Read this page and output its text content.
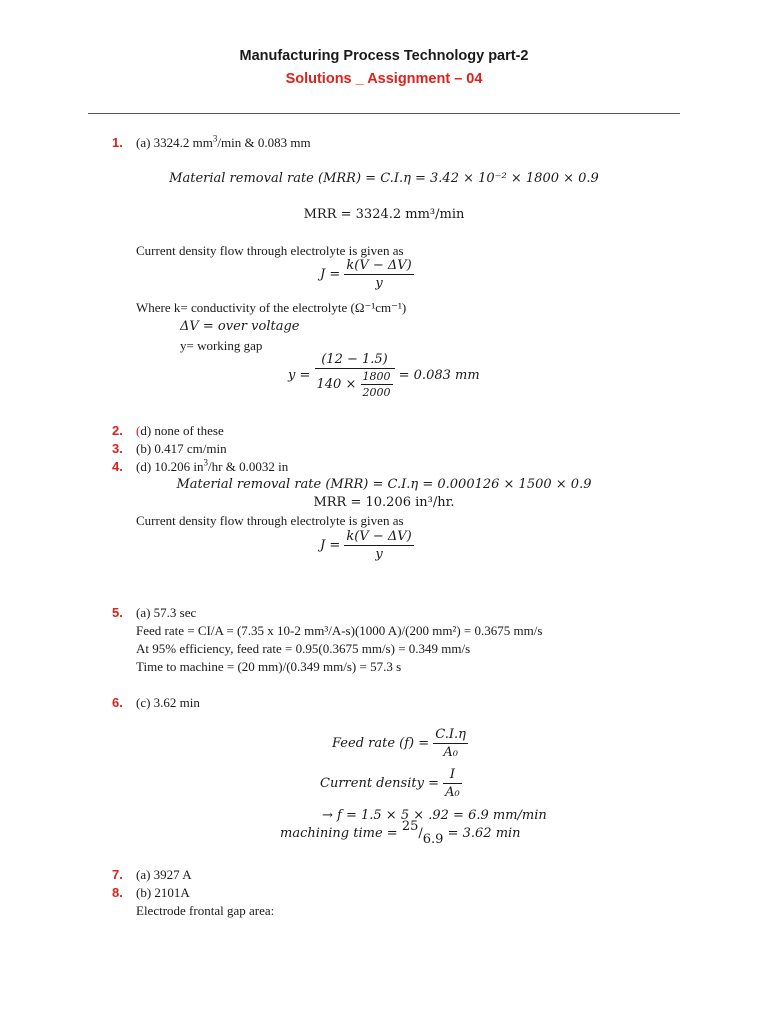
Manufacturing Process Technology part-2
Solutions _ Assignment – 04
1. (a) 3324.2 $mm^3/\min$ & 0.083 mm
Material removal rate (MRR) = C.I.η = 3.42 × 10⁻² × 1800 × 0.9
MRR = 3324.2 mm³/min
Current density flow through electrolyte is given as
$J = \frac{k(V - \Delta V)}{y}$
Where k= conductivity of the electrolyte (Ω⁻¹cm⁻¹)
ΔV = over voltage
y= working gap
$y = \frac{(12 - 1.5)}{140 \times \frac{1800}{2000}} = 0.083$ mm
2. (d) none of these
3. (b) 0.417 cm/min
4. (d) 10.206 $in^3/hr$ & 0.0032 in
Material removal rate (MRR) = C.I.η = 0.000126 × 1500 × 0.9
MRR = 10.206 in³/hr.
Current density flow through electrolyte is given as
$J = \frac{k(V - \Delta V)}{y}$
5. (a) 57.3 sec
Feed rate = CI/A = (7.35 x 10-2 mm³/A-s)(1000 A)/(200 mm²) = 0.3675 mm/s
At 95% efficiency, feed rate = 0.95(0.3675 mm/s) = 0.349 mm/s
Time to machine = (20 mm)/(0.349 mm/s) = 57.3 s
6. (c) 3.62 min
Feed rate $(f) = \frac{C.I.\eta}{\text{A₀}}$
Current density = $\frac{I}{\text{A₀}}$
→ f = 1.5 × 5 × .92 = 6.9 mm/min
machining time = $^{25}/_{6.9} = 3.62$ min
7. (a) 3927 A
8. (b) 2101A
Electrode frontal gap area:
